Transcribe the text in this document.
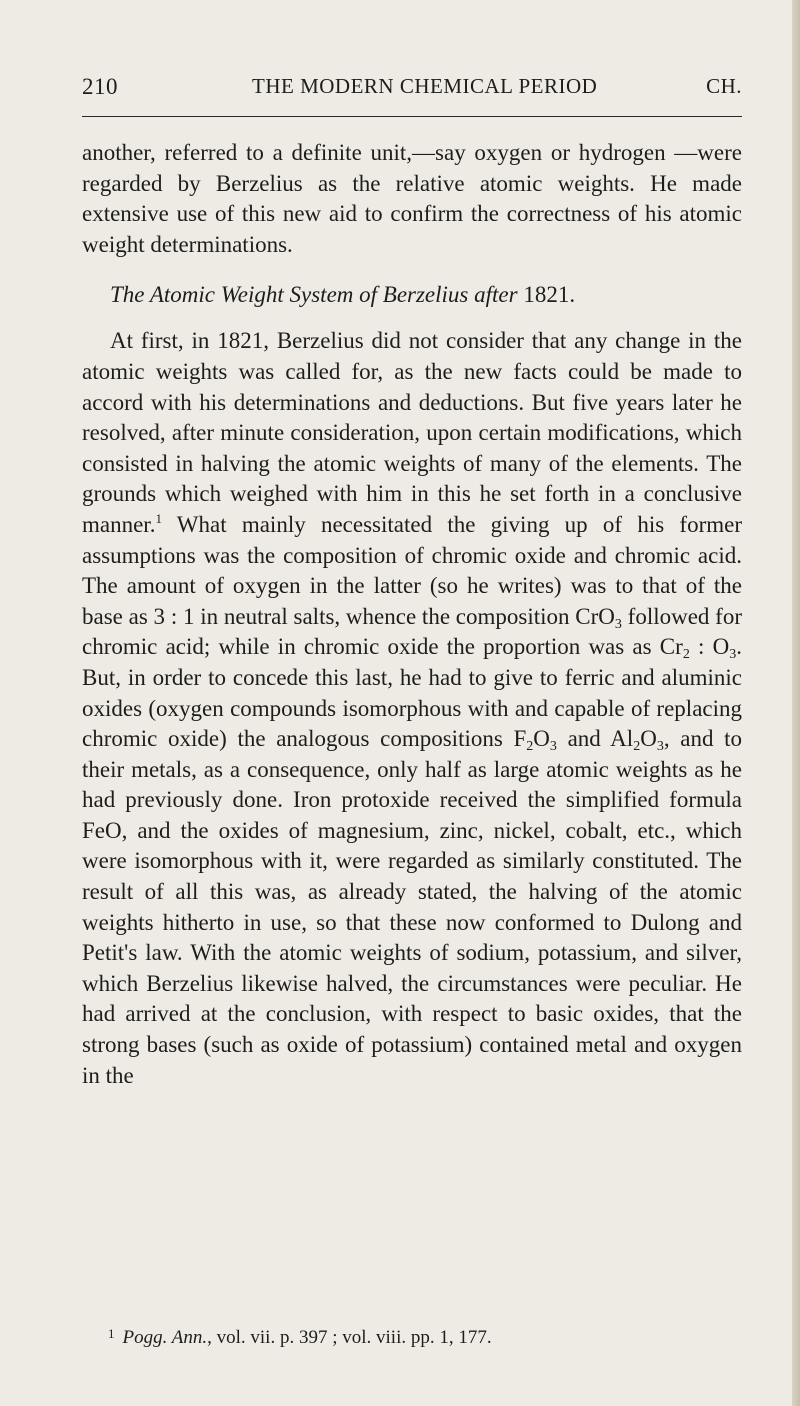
210	THE MODERN CHEMICAL PERIOD	CH.

another, referred to a definite unit,—say oxygen or hydrogen —were regarded by Berzelius as the relative atomic weights. He made extensive use of this new aid to confirm the correctness of his atomic weight determinations.

The Atomic Weight System of Berzelius after 1821.

At first, in 1821, Berzelius did not consider that any change in the atomic weights was called for, as the new facts could be made to accord with his determinations and deductions. But five years later he resolved, after minute consideration, upon certain modifications, which consisted in halving the atomic weights of many of the elements. The grounds which weighed with him in this he set forth in a conclusive manner.$^1$ What mainly necessitated the giving up of his former assumptions was the composition of chromic oxide and chromic acid. The amount of oxygen in the latter (so he writes) was to that of the base as 3 : 1 in neutral salts, whence the composition CrO$_3$ followed for chromic acid; while in chromic oxide the proportion was as $Cr_2$ : $O_3$. But, in order to concede this last, he had to give to ferric and aluminic oxides (oxygen compounds isomorphous with and capable of replacing chromic oxide) the analogous compositions $F_2O_3$ and $Al_2O_3$, and to their metals, as a consequence, only half as large atomic weights as he had previously done. Iron protoxide received the simplified formula FeO, and the oxides of magnesium, zinc, nickel, cobalt, etc., which were isomorphous with it, were regarded as similarly constituted. The result of all this was, as already stated, the halving of the atomic weights hitherto in use, so that these now conformed to Dulong and Petit's law. With the atomic weights of sodium, potassium, and silver, which Berzelius likewise halved, the circumstances were peculiar. He had arrived at the conclusion, with respect to basic oxides, that the strong bases (such as oxide of potassium) contained metal and oxygen in the

$^1$ Pogg. Ann., vol. vii. p. 397 ; vol. viii. pp. 1, 177.
